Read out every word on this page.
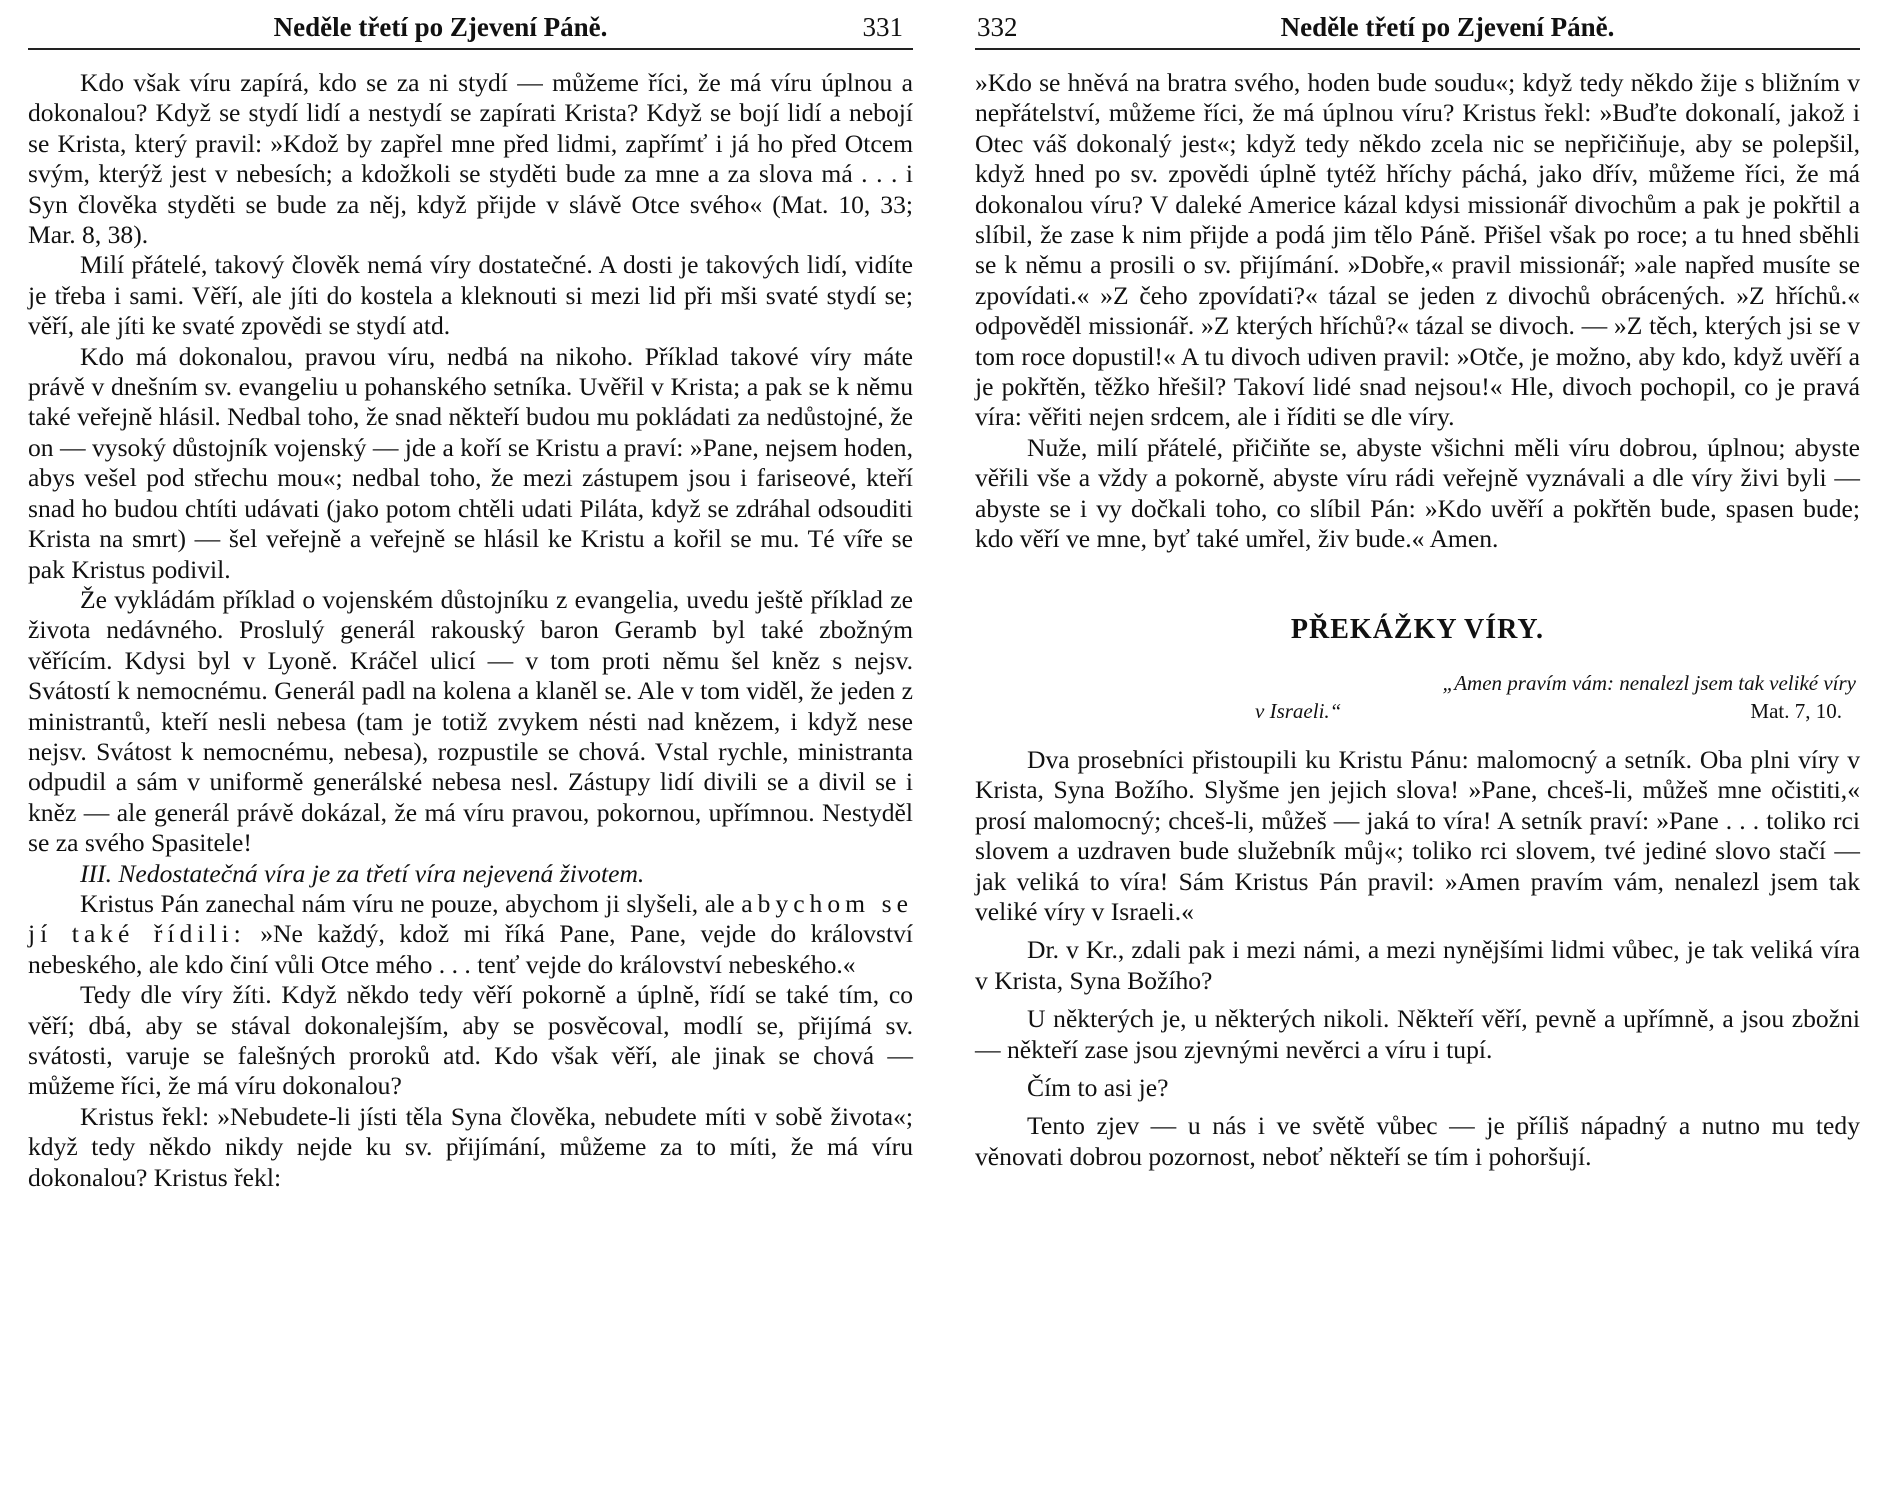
Neděle třetí po Zjevení Páně.	331

Kdo však víru zapírá, kdo se za ni stydí — můžeme říci, že má víru úplnou a dokonalou? Když se stydí lidí a nestydí se zapírati Krista? Když se bojí lidí a nebojí se Krista, který pravil: »Kdož by zapřel mne před lidmi, zapřímť i já ho před Otcem svým, kterýž jest v nebesích; a kdožkoli se styděti bude za mne a za slova má . . . i Syn člověka styděti se bude za něj, když přijde v slávě Otce svého« (Mat. 10, 33; Mar. 8, 38).

Milí přátelé, takový člověk nemá víry dostatečné. A dosti je takových lidí, vidíte je třeba i sami. Věří, ale jíti do kostela a kleknouti si mezi lid při mši svaté stydí se; věří, ale jíti ke svaté zpovědi se stydí atd.

Kdo má dokonalou, pravou víru, nedbá na nikoho. Příklad takové víry máte právě v dnešním sv. evangeliu u pohanského setníka. Uvěřil v Krista; a pak se k němu také veřejně hlásil. Nedbal toho, že snad někteří budou mu pokládati za nedůstojné, že on — vysoký důstojník vojenský — jde a koří se Kristu a praví: »Pane, nejsem hoden, abys vešel pod střechu mou«; nedbal toho, že mezi zástupem jsou i fariseové, kteří snad ho budou chtíti udávati (jako potom chtěli udati Piláta, když se zdráhal odsouditi Krista na smrt) — šel veřejně a veřejně se hlásil ke Kristu a kořil se mu. Té víře se pak Kristus podivil.

Že vykládám příklad o vojenském důstojníku z evangelia, uvedu ještě příklad ze života nedávného. Proslulý generál rakouský baron Geramb byl také zbožným věřícím. Kdysi byl v Lyoně. Kráčel ulicí — v tom proti němu šel kněz s nejsv. Svátostí k nemocnému. Generál padl na kolena a klaněl se. Ale v tom viděl, že jeden z ministrantů, kteří nesli nebesa (tam je totiž zvykem nésti nad knězem, i když nese nejsv. Svátost k nemocnému, nebesa), rozpustile se chová. Vstal rychle, ministranta odpudil a sám v uniformě generálské nebesa nesl. Zástupy lidí divili se a divil se i kněz — ale generál právě dokázal, že má víru pravou, pokornou, upřímnou. Nestyděl se za svého Spasitele!

III. Nedostatečná víra je za třetí víra nejevená životem.

Kristus Pán zanechal nám víru ne pouze, abychom ji slyšeli, ale abychom se jí také řídili: »Ne každý, kdož mi říká Pane, Pane, vejde do království nebeského, ale kdo činí vůli Otce mého . . . tenť vejde do království nebeského.«

Tedy dle víry žíti. Když někdo tedy věří pokorně a úplně, řídí se také tím, co věří; dbá, aby se stával dokonalejším, aby se posvěcoval, modlí se, přijímá sv. svátosti, varuje se falešných proroků atd. Kdo však věří, ale jinak se chová — můžeme říci, že má víru dokonalou?

Kristus řekl: »Nebudete-li jísti těla Syna člověka, nebudete míti v sobě života«; když tedy někdo nikdy nejde ku sv. přijímání, můžeme za to míti, že má víru dokonalou? Kristus řekl:

332	Neděle třetí po Zjevení Páně.

»Kdo se hněvá na bratra svého, hoden bude soudu«; když tedy někdo žije s bližním v nepřátelství, můžeme říci, že má úplnou víru? Kristus řekl: »Buďte dokonalí, jakož i Otec váš dokonalý jest«; když tedy někdo zcela nic se nepřičiňuje, aby se polepšil, když hned po sv. zpovědi úplně tytéž hříchy páchá, jako dřív, můžeme říci, že má dokonalou víru? V daleké Americe kázal kdysi missionář divochům a pak je pokřtil a slíbil, že zase k nim přijde a podá jim tělo Páně. Přišel však po roce; a tu hned sběhli se k němu a prosili o sv. přijímání. »Dobře,« pravil missionář; »ale napřed musíte se zpovídati.« »Z čeho zpovídati?« tázal se jeden z divochů obrácených. »Z hříchů.« odpověděl missionář. »Z kterých hříchů?« tázal se divoch. — »Z těch, kterých jsi se v tom roce dopustil!« A tu divoch udiven pravil: »Otče, je možno, aby kdo, když uvěří a je pokřtěn, těžko hřešil? Takoví lidé snad nejsou!« Hle, divoch pochopil, co je pravá víra: věřiti nejen srdcem, ale i říditi se dle víry.

Nuže, milí přátelé, přičiňte se, abyste všichni měli víru dobrou, úplnou; abyste věřili vše a vždy a pokorně, abyste víru rádi veřejně vyznávali a dle víry živi byli — abyste se i vy dočkali toho, co slíbil Pán: »Kdo uvěří a pokřtěn bude, spasen bude; kdo věří ve mne, byť také umřel, živ bude.« Amen.

PŘEKÁŽKY VÍRY.
„Amen pravím vám: nenalezl jsem tak veliké víry
v Israeli.“	Mat. 7, 10.

Dva prosebníci přistoupili ku Kristu Pánu: malomocný a setník. Oba plni víry v Krista, Syna Božího. Slyšme jen jejich slova! »Pane, chceš-li, můžeš mne očistiti,« prosí malomocný; chceš-li, můžeš — jaká to víra! A setník praví: »Pane . . . toliko rci slovem a uzdraven bude služebník můj«; toliko rci slovem, tvé jediné slovo stačí — jak veliká to víra! Sám Kristus Pán pravil: »Amen pravím vám, nenalezl jsem tak veliké víry v Israeli.«

Dr. v Kr., zdali pak i mezi námi, a mezi nynějšími lidmi vůbec, je tak veliká víra v Krista, Syna Božího?

U některých je, u některých nikoli. Někteří věří, pevně a upřímně, a jsou zbožni — někteří zase jsou zjevnými nevěrci a víru i tupí.

Čím to asi je?

Tento zjev — u nás i ve světě vůbec — je příliš nápadný a nutno mu tedy věnovati dobrou pozornost, neboť někteří se tím i pohoršují.
